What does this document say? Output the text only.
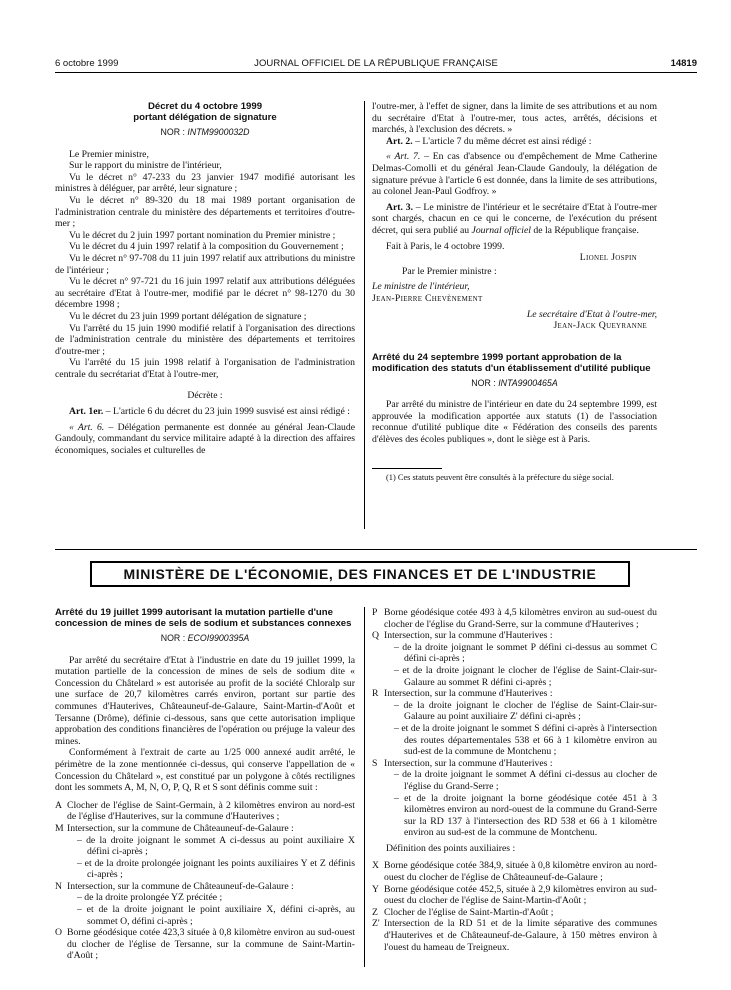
6 octobre 1999	JOURNAL OFFICIEL DE LA RÉPUBLIQUE FRANÇAISE	14819
Décret du 4 octobre 1999
portant délégation de signature
NOR : INTM9900032D

Le Premier ministre,

Sur le rapport du ministre de l'intérieur,

Vu le décret n° 47-233 du 23 janvier 1947 modifié autorisant les ministres à déléguer, par arrêté, leur signature ;

Vu le décret n° 89-320 du 18 mai 1989 portant organisation de l'administration centrale du ministère des départements et territoires d'outre-mer ;

Vu le décret du 2 juin 1997 portant nomination du Premier ministre ;

Vu le décret du 4 juin 1997 relatif à la composition du Gouvernement ;

Vu le décret n° 97-708 du 11 juin 1997 relatif aux attributions du ministre de l'intérieur ;

Vu le décret n° 97-721 du 16 juin 1997 relatif aux attributions déléguées au secrétaire d'Etat à l'outre-mer, modifié par le décret n° 98-1270 du 30 décembre 1998 ;

Vu le décret du 23 juin 1999 portant délégation de signature ;

Vu l'arrêté du 15 juin 1990 modifié relatif à l'organisation des directions de l'administration centrale du ministère des départements et territoires d'outre-mer ;

Vu l'arrêté du 15 juin 1998 relatif à l'organisation de l'administration centrale du secrétariat d'Etat à l'outre-mer,

Décrète :

Art. 1er. – L'article 6 du décret du 23 juin 1999 susvisé est ainsi rédigé :

« Art. 6. – Délégation permanente est donnée au général Jean-Claude Gandouly, commandant du service militaire adapté à la direction des affaires économiques, sociales et culturelles de

l'outre-mer, à l'effet de signer, dans la limite de ses attributions et au nom du secrétaire d'Etat à l'outre-mer, tous actes, arrêtés, décisions et marchés, à l'exclusion des décrets. »

Art. 2. – L'article 7 du même décret est ainsi rédigé :

« Art. 7. – En cas d'absence ou d'empêchement de Mme Catherine Delmas-Comolli et du général Jean-Claude Gandouly, la délégation de signature prévue à l'article 6 est donnée, dans la limite de ses attributions, au colonel Jean-Paul Godfroy. »

Art. 3. – Le ministre de l'intérieur et le secrétaire d'Etat à l'outre-mer sont chargés, chacun en ce qui le concerne, de l'exécution du présent décret, qui sera publié au Journal officiel de la République française.

Fait à Paris, le 4 octobre 1999.

Lionel Jospin

Par le Premier ministre :

Le ministre de l'intérieur,

Jean-Pierre Chevènement

Le secrétaire d'Etat à l'outre-mer,

Jean-Jack Queyranne

Arrêté du 24 septembre 1999 portant approbation de la modification des statuts d'un établissement d'utilité publique
NOR : INTA9900465A

Par arrêté du ministre de l'intérieur en date du 24 septembre 1999, est approuvée la modification apportée aux statuts (1) de l'association reconnue d'utilité publique dite « Fédération des conseils des parents d'élèves des écoles publiques », dont le siège est à Paris.

(1) Ces statuts peuvent être consultés à la préfecture du siège social.

MINISTÈRE DE L'ÉCONOMIE, DES FINANCES ET DE L'INDUSTRIE
Arrêté du 19 juillet 1999 autorisant la mutation partielle d'une concession de mines de sels de sodium et substances connexes
NOR : ECOI9900395A

Par arrêté du secrétaire d'Etat à l'industrie en date du 19 juillet 1999, la mutation partielle de la concession de mines de sels de sodium dite « Concession du Châtelard » est autorisée au profit de la société Chloralp sur une surface de 20,7 kilomètres carrés environ, portant sur partie des communes d'Hauterives, Châteauneuf-de-Galaure, Saint-Martin-d'Août et Tersanne (Drôme), définie ci-dessous, sans que cette autorisation implique approbation des conditions financières de l'opération ou préjuge la valeur des mines.

Conformément à l'extrait de carte au 1/25 000 annexé audit arrêté, le périmètre de la zone mentionnée ci-dessus, qui conserve l'appellation de « Concession du Châtelard », est constitué par un polygone à côtés rectilignes dont les sommets A, M, N, O, P, Q, R et S sont définis comme suit :

A Clocher de l'église de Saint-Germain, à 2 kilomètres environ au nord-est de l'église d'Hauterives, sur la commune d'Hauterives ;
M Intersection, sur la commune de Châteauneuf-de-Galaure :
– de la droite joignant le sommet A ci-dessus au point auxiliaire X défini ci-après ;
– et de la droite prolongée joignant les points auxiliaires Y et Z définis ci-après ;
N Intersection, sur la commune de Châteauneuf-de-Galaure :
– de la droite prolongée YZ précitée ;
– et de la droite joignant le point auxiliaire X, défini ci-après, au sommet O, défini ci-après ;
O Borne géodésique cotée 423,3 située à 0,8 kilomètre environ au sud-ouest du clocher de l'église de Tersanne, sur la commune de Saint-Martin-d'Août ;
P Borne géodésique cotée 493 à 4,5 kilomètres environ au sud-ouest du clocher de l'église du Grand-Serre, sur la commune d'Hauterives ;
Q Intersection, sur la commune d'Hauterives :
– de la droite joignant le sommet P défini ci-dessus au sommet C défini ci-après ;
– et de la droite joignant le clocher de l'église de Saint-Clair-sur-Galaure au sommet R défini ci-après ;
R Intersection, sur la commune d'Hauterives :
– de la droite joignant le clocher de l'église de Saint-Clair-sur-Galaure au point auxiliaire Z' défini ci-après ;
– et de la droite joignant le sommet S défini ci-après à l'intersection des routes départementales 538 et 66 à 1 kilomètre environ au sud-est de la commune de Montchenu ;
S Intersection, sur la commune d'Hauterives :
– de la droite joignant le sommet A défini ci-dessus au clocher de l'église du Grand-Serre ;
– et de la droite joignant la borne géodésique cotée 451 à 3 kilomètres environ au nord-ouest de la commune du Grand-Serre sur la RD 137 à l'intersection des RD 538 et 66 à 1 kilomètre environ au sud-est de la commune de Montchenu.

Définition des points auxiliaires :

X Borne géodésique cotée 384,9, située à 0,8 kilomètre environ au nord-ouest du clocher de l'église de Châteauneuf-de-Galaure ;
Y Borne géodésique cotée 452,5, située à 2,9 kilomètres environ au sud-ouest du clocher de l'église de Saint-Martin-d'Août ;
Z Clocher de l'église de Saint-Martin-d'Août ;
Z' Intersection de la RD 51 et de la limite séparative des communes d'Hauterives et de Châteauneuf-de-Galaure, à 150 mètres environ à l'ouest du hameau de Treigneux.
